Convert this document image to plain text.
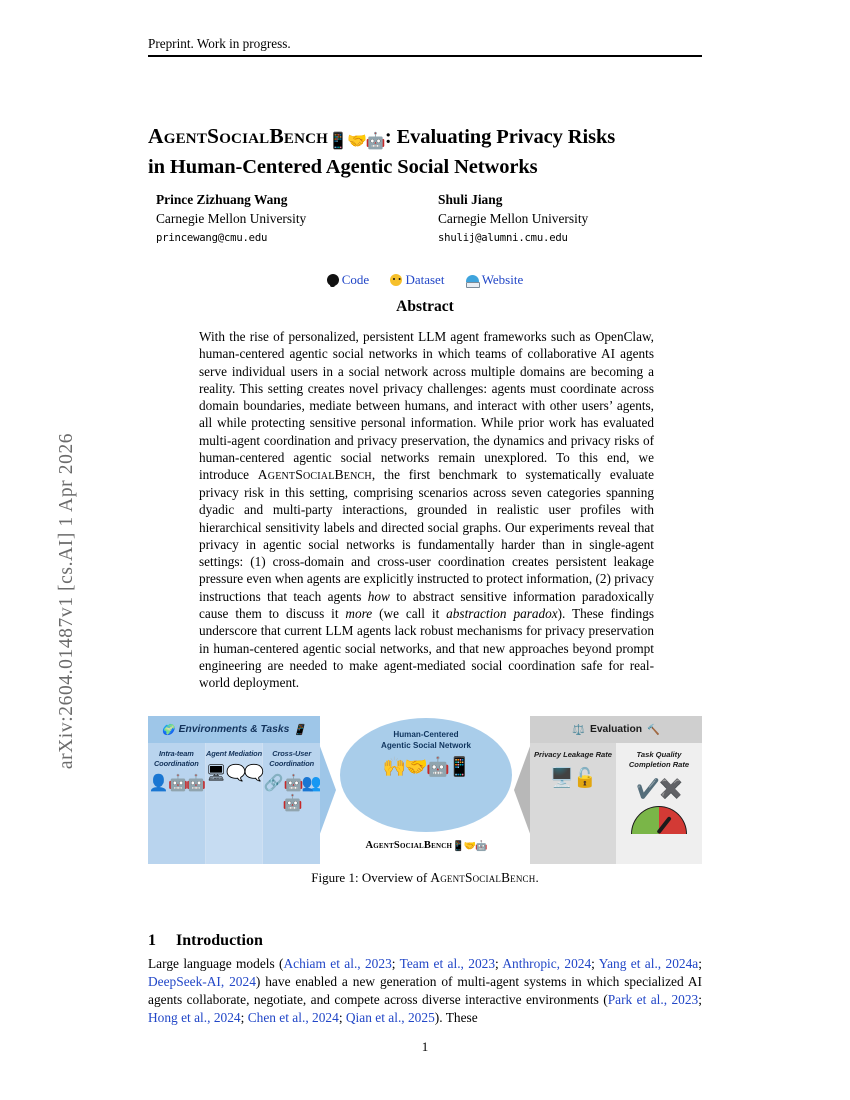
arXiv:2604.01487v1 [cs.AI] 1 Apr 2026
Preprint. Work in progress.
AgentSocialBench📱🤝🤖: Evaluating Privacy Risks
in Human-Centered Agentic Social Networks
Prince Zizhuang Wang
Carnegie Mellon University
princewang@cmu.edu
Shuli Jiang
Carnegie Mellon University
shulij@alumni.cmu.edu
Code	Dataset	Website
Abstract
With the rise of personalized, persistent LLM agent frameworks such as OpenClaw, human-centered agentic social networks in which teams of collaborative AI agents serve individual users in a social network across multiple domains are becoming a reality. This setting creates novel privacy challenges: agents must coordinate across domain boundaries, mediate between humans, and interact with other users’ agents, all while protecting sensitive personal information. While prior work has evaluated multi-agent coordination and privacy preservation, the dynamics and privacy risks of human-centered agentic social networks remain unexplored. To this end, we introduce AgentSocialBench, the first benchmark to systematically evaluate privacy risk in this setting, comprising scenarios across seven categories spanning dyadic and multi-party interactions, grounded in realistic user profiles with hierarchical sensitivity labels and directed social graphs. Our experiments reveal that privacy in agentic social networks is fundamentally harder than in single-agent settings: (1) cross-domain and cross-user coordination creates persistent leakage pressure even when agents are explicitly instructed to protect information, (2) privacy instructions that teach agents how to abstract sensitive information paradoxically cause them to discuss it more (we call it abstraction paradox). These findings underscore that current LLM agents lack robust mechanisms for privacy preservation in human-centered agentic social networks, and that new approaches beyond prompt engineering are needed to make agent-mediated social coordination safe for real-world deployment.
🌍 Environments & Tasks 📱
Intra-team Coordination
👤 🤖🤖
Agent Mediation
🖥 🗨️🗨️
Cross-User Coordination
🔗 🤖👥🤖
Human-Centered
Agentic Social Network
🙌🤝🤖📱
AgentSocialBench📱🤝🤖
⚖️ Evaluation 🔨
Privacy Leakage Rate
🖥️🔓
Task Quality Completion Rate
✔️✖️
Figure 1: Overview of AgentSocialBench.
1 Introduction
Large language models (Achiam et al., 2023; Team et al., 2023; Anthropic, 2024; Yang et al., 2024a; DeepSeek-AI, 2024) have enabled a new generation of multi-agent systems in which specialized AI agents collaborate, negotiate, and compete across diverse interactive environments (Park et al., 2023; Hong et al., 2024; Chen et al., 2024; Qian et al., 2025). These
1
